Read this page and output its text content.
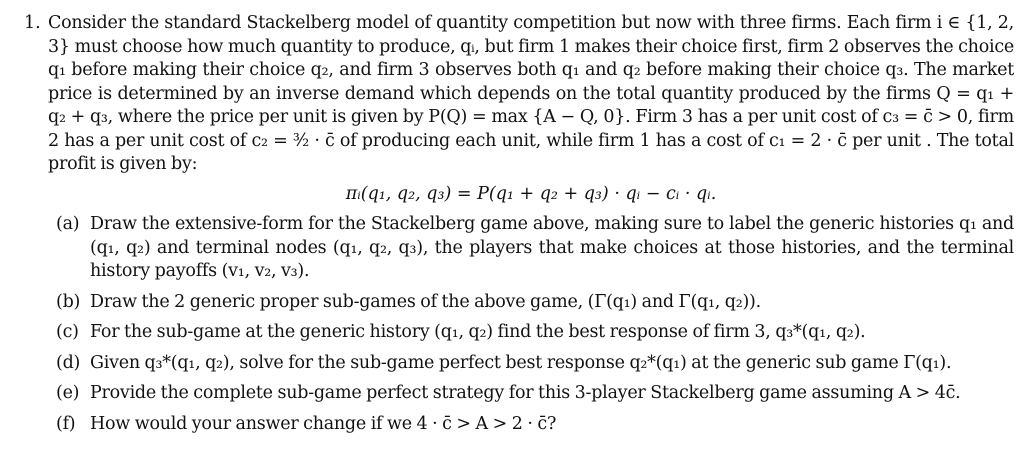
1. Consider the standard Stackelberg model of quantity competition but now with three firms. Each firm i ∈ {1, 2, 3} must choose how much quantity to produce, qᵢ, but firm 1 makes their choice first, firm 2 observes the choice q₁ before making their choice q₂, and firm 3 observes both q₁ and q₂ before making their choice q₃. The market price is determined by an inverse demand which depends on the total quantity produced by the firms Q = q₁ + q₂ + q₃, where the price per unit is given by P(Q) = max {A − Q, 0}. Firm 3 has a per unit cost of c₃ = c̄ > 0, firm 2 has a per unit cost of c₂ = ³⁄₂ · c̄ of producing each unit, while firm 1 has a cost of c₁ = 2 · c̄ per unit . The total profit is given by:
πᵢ(q₁, q₂, q₃) = P(q₁ + q₂ + q₃) · qᵢ − cᵢ · qᵢ.
(a) Draw the extensive-form for the Stackelberg game above, making sure to label the generic histories q₁ and (q₁, q₂) and terminal nodes (q₁, q₂, q₃), the players that make choices at those histories, and the terminal history payoffs (v₁, v₂, v₃).
(b) Draw the 2 generic proper sub-games of the above game, (Γ(q₁) and Γ(q₁, q₂)).
(c) For the sub-game at the generic history (q₁, q₂) find the best response of firm 3, q₃*(q₁, q₂).
(d) Given q₃*(q₁, q₂), solve for the sub-game perfect best response q₂*(q₁) at the generic sub game Γ(q₁).
(e) Provide the complete sub-game perfect strategy for this 3-player Stackelberg game assuming A > 4c̄.
(f) How would your answer change if we 4 · c̄ > A > 2 · c̄?
